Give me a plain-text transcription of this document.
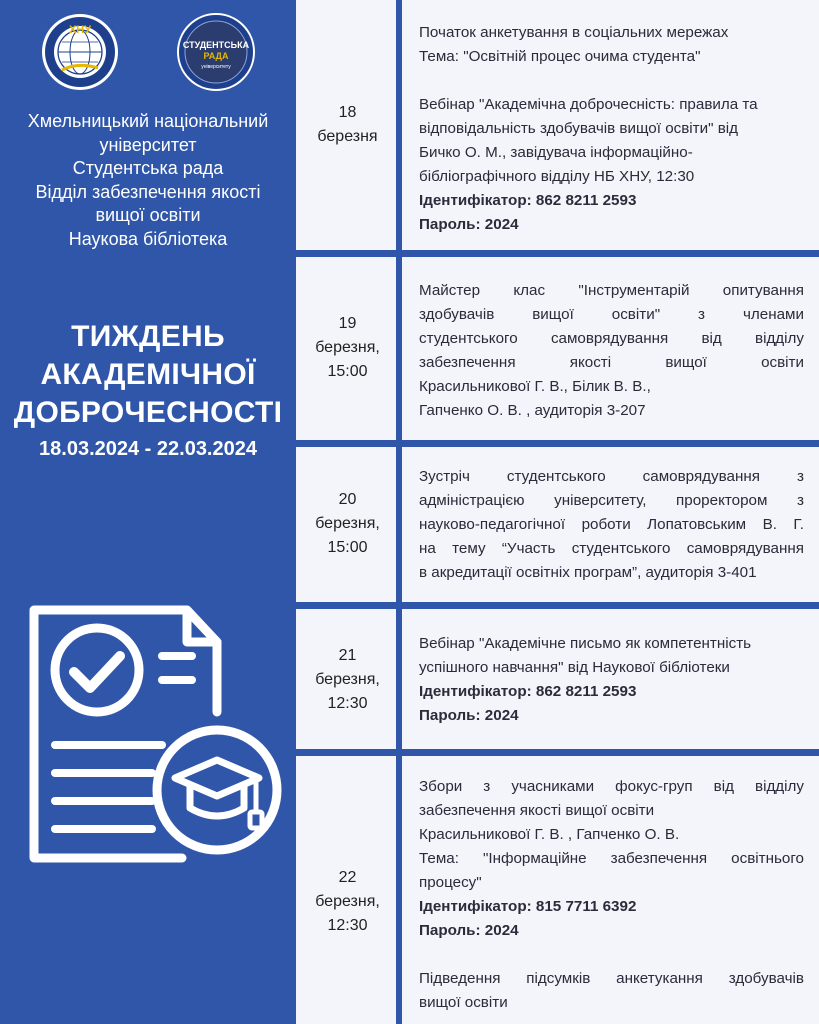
ХНУ
СТУДЕНТСЬКА
РАДА
університету
Хмельницький національний
університет
Студентська рада
Відділ забезпечення якості
вищої освіти
Наукова бібліотека
ТИЖДЕНЬ
АКАДЕМІЧНОЇ
ДОБРОЧЕСНОСТІ
18.03.2024 - 22.03.2024
18
березня

Початок анкетування в соціальних мережах

Тема: "Освітній процес очима студента"

Вебінар "Академічна доброчесність: правила та

відповідальність здобувачів вищої освіти" від

Бичко О. М., завідувача інформаційно-

бібліографічного відділу НБ ХНУ, 12:30

Ідентифікатор: 862 8211 2593

Пароль: 2024

19
березня,
15:00

Майстер клас "Інструментарій опитування

здобувачів вищої освіти" з членами

студентського самоврядування від відділу

забезпечення якості вищої освіти

Красильникової Г. В., Білик В. В.,

Гапченко О. В. , аудиторія 3-207

20
березня,
15:00

Зустріч студентського самоврядування з

адміністрацією університету, проректором з

науково-педагогічної роботи Лопатовським В. Г.

на тему “Участь студентського самоврядування

в акредитації освітніх програм”, аудиторія 3-401

21
березня,
12:30

Вебінар "Академічне письмо як компетентність

успішного навчання" від Наукової бібліотеки

Ідентифікатор: 862 8211 2593

Пароль: 2024

22
березня,
12:30

Збори з учасниками фокус-груп від відділу

забезпечення якості вищої освіти

Красильникової Г. В. , Гапченко О. В.

Тема: "Інформаційне забезпечення освітнього

процесу"

Ідентифікатор: 815 7711 6392

Пароль: 2024

Підведення підсумків анкетукання здобувачів

вищої освіти
